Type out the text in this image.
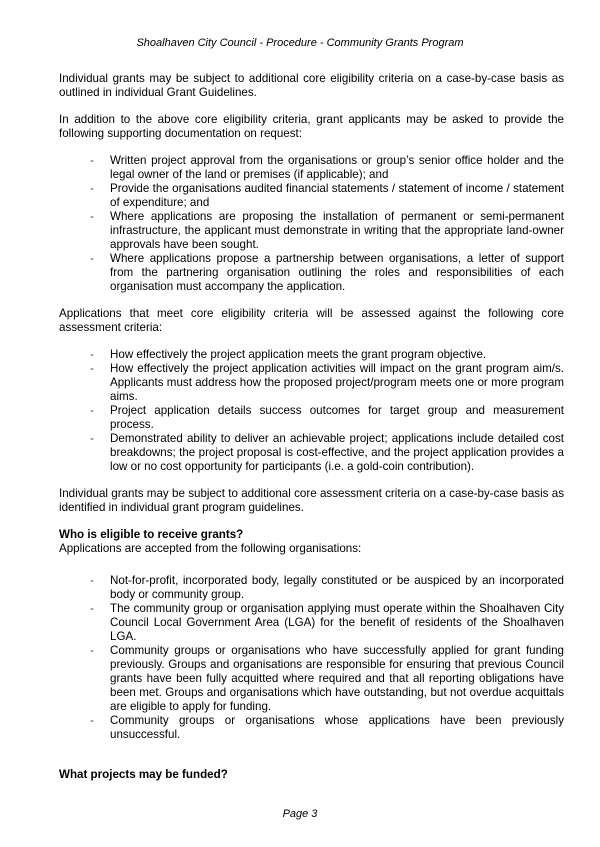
Shoalhaven City Council - Procedure - Community Grants Program

Individual grants may be subject to additional core eligibility criteria on a case-by-case basis as outlined in individual Grant Guidelines.

In addition to the above core eligibility criteria, grant applicants may be asked to provide the following supporting documentation on request:

- Written project approval from the organisations or group’s senior office holder and the legal owner of the land or premises (if applicable); and
- Provide the organisations audited financial statements / statement of income / statement of expenditure; and
- Where applications are proposing the installation of permanent or semi-permanent infrastructure, the applicant must demonstrate in writing that the appropriate land-owner approvals have been sought.
- Where applications propose a partnership between organisations, a letter of support from the partnering organisation outlining the roles and responsibilities of each organisation must accompany the application.

Applications that meet core eligibility criteria will be assessed against the following core assessment criteria:

- How effectively the project application meets the grant program objective.
- How effectively the project application activities will impact on the grant program aim/s. Applicants must address how the proposed project/program meets one or more program aims.
- Project application details success outcomes for target group and measurement process.
- Demonstrated ability to deliver an achievable project; applications include detailed cost breakdowns; the project proposal is cost-effective, and the project application provides a low or no cost opportunity for participants (i.e. a gold-coin contribution).

Individual grants may be subject to additional core assessment criteria on a case-by-case basis as identified in individual grant program guidelines.

Who is eligible to receive grants?

Applications are accepted from the following organisations:

- Not-for-profit, incorporated body, legally constituted or be auspiced by an incorporated body or community group.
- The community group or organisation applying must operate within the Shoalhaven City Council Local Government Area (LGA) for the benefit of residents of the Shoalhaven LGA.
- Community groups or organisations who have successfully applied for grant funding previously. Groups and organisations are responsible for ensuring that previous Council grants have been fully acquitted where required and that all reporting obligations have been met. Groups and organisations which have outstanding, but not overdue acquittals are eligible to apply for funding.
- Community groups or organisations whose applications have been previously unsuccessful.

What projects may be funded?

Page 3
